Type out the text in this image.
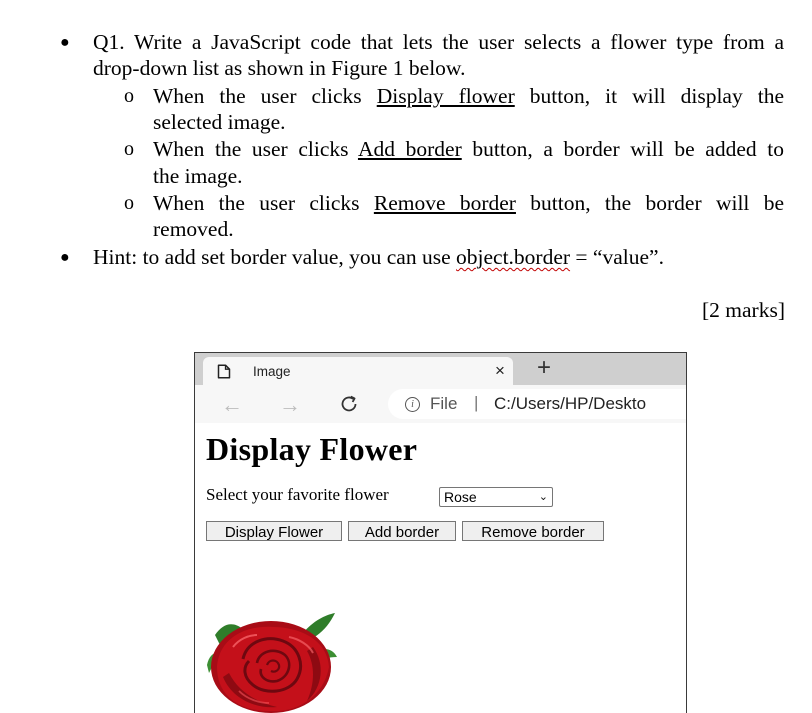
● Q1. Write a JavaScript code that lets the user selects a flower type from a
drop-down list as shown in Figure 1 below.
o When the user clicks Display flower button, it will display the
selected image.
o When the user clicks Add border button, a border will be added to
the image.
o When the user clicks Remove border button, the border will be
removed.
● Hint: to add set border value, you can use object.border = “value”.
[2 marks]
Image	× +
← →	i File | C:/Users/HP/Deskto
Display Flower
Select your favorite flower	Rose	⌄
Display Flower	Add border	Remove border
